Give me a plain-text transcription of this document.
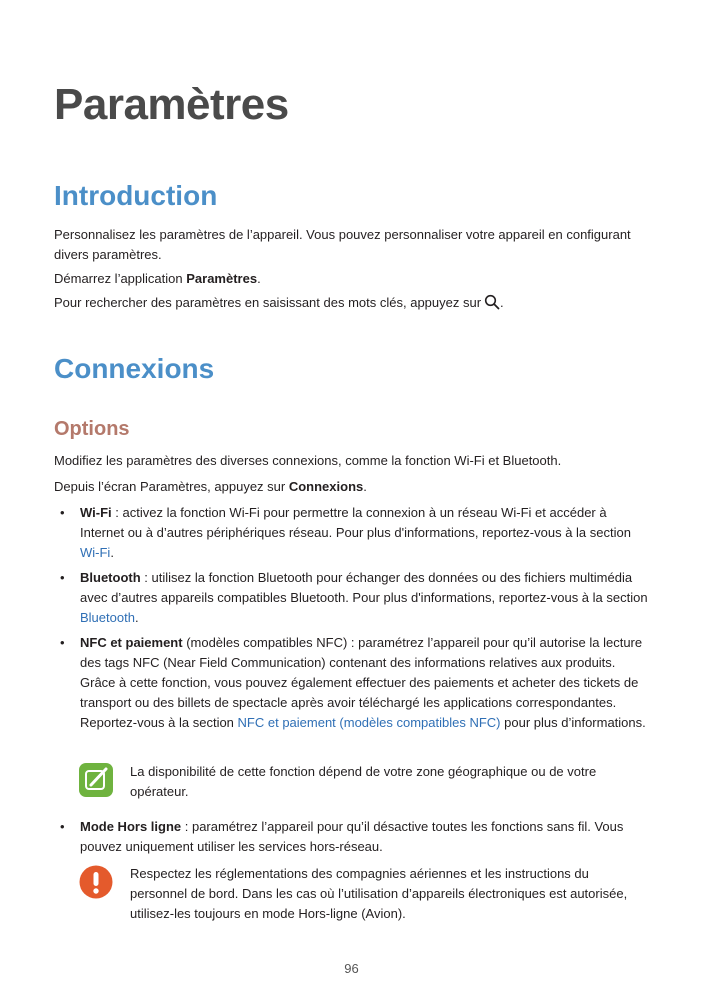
Paramètres
Introduction

Personnalisez les paramètres de l’appareil. Vous pouvez personnaliser votre appareil en configurant divers paramètres.

Démarrez l’application Paramètres.

Pour rechercher des paramètres en saisissant des mots clés, appuyez sur .

Connexions
Options

Modifiez les paramètres des diverses connexions, comme la fonction Wi-Fi et Bluetooth.

Depuis l’écran Paramètres, appuyez sur Connexions.

• Wi-Fi : activez la fonction Wi-Fi pour permettre la connexion à un réseau Wi-Fi et accéder à Internet ou à d’autres périphériques réseau. Pour plus d'informations, reportez-vous à la section Wi-Fi.
• Bluetooth : utilisez la fonction Bluetooth pour échanger des données ou des fichiers multimédia avec d’autres appareils compatibles Bluetooth. Pour plus d'informations, reportez-vous à la section Bluetooth.
• NFC et paiement (modèles compatibles NFC) : paramétrez l’appareil pour qu’il autorise la lecture des tags NFC (Near Field Communication) contenant des informations relatives aux produits. Grâce à cette fonction, vous pouvez également effectuer des paiements et acheter des tickets de transport ou des billets de spectacle après avoir téléchargé les applications correspondantes. Reportez-vous à la section NFC et paiement (modèles compatibles NFC) pour plus d’informations.
La disponibilité de cette fonction dépend de votre zone géographique ou de votre opérateur.
• Mode Hors ligne : paramétrez l’appareil pour qu’il désactive toutes les fonctions sans fil. Vous pouvez uniquement utiliser les services hors-réseau.
Respectez les réglementations des compagnies aériennes et les instructions du personnel de bord. Dans les cas où l’utilisation d’appareils électroniques est autorisée, utilisez-les toujours en mode Hors-ligne (Avion).
96
